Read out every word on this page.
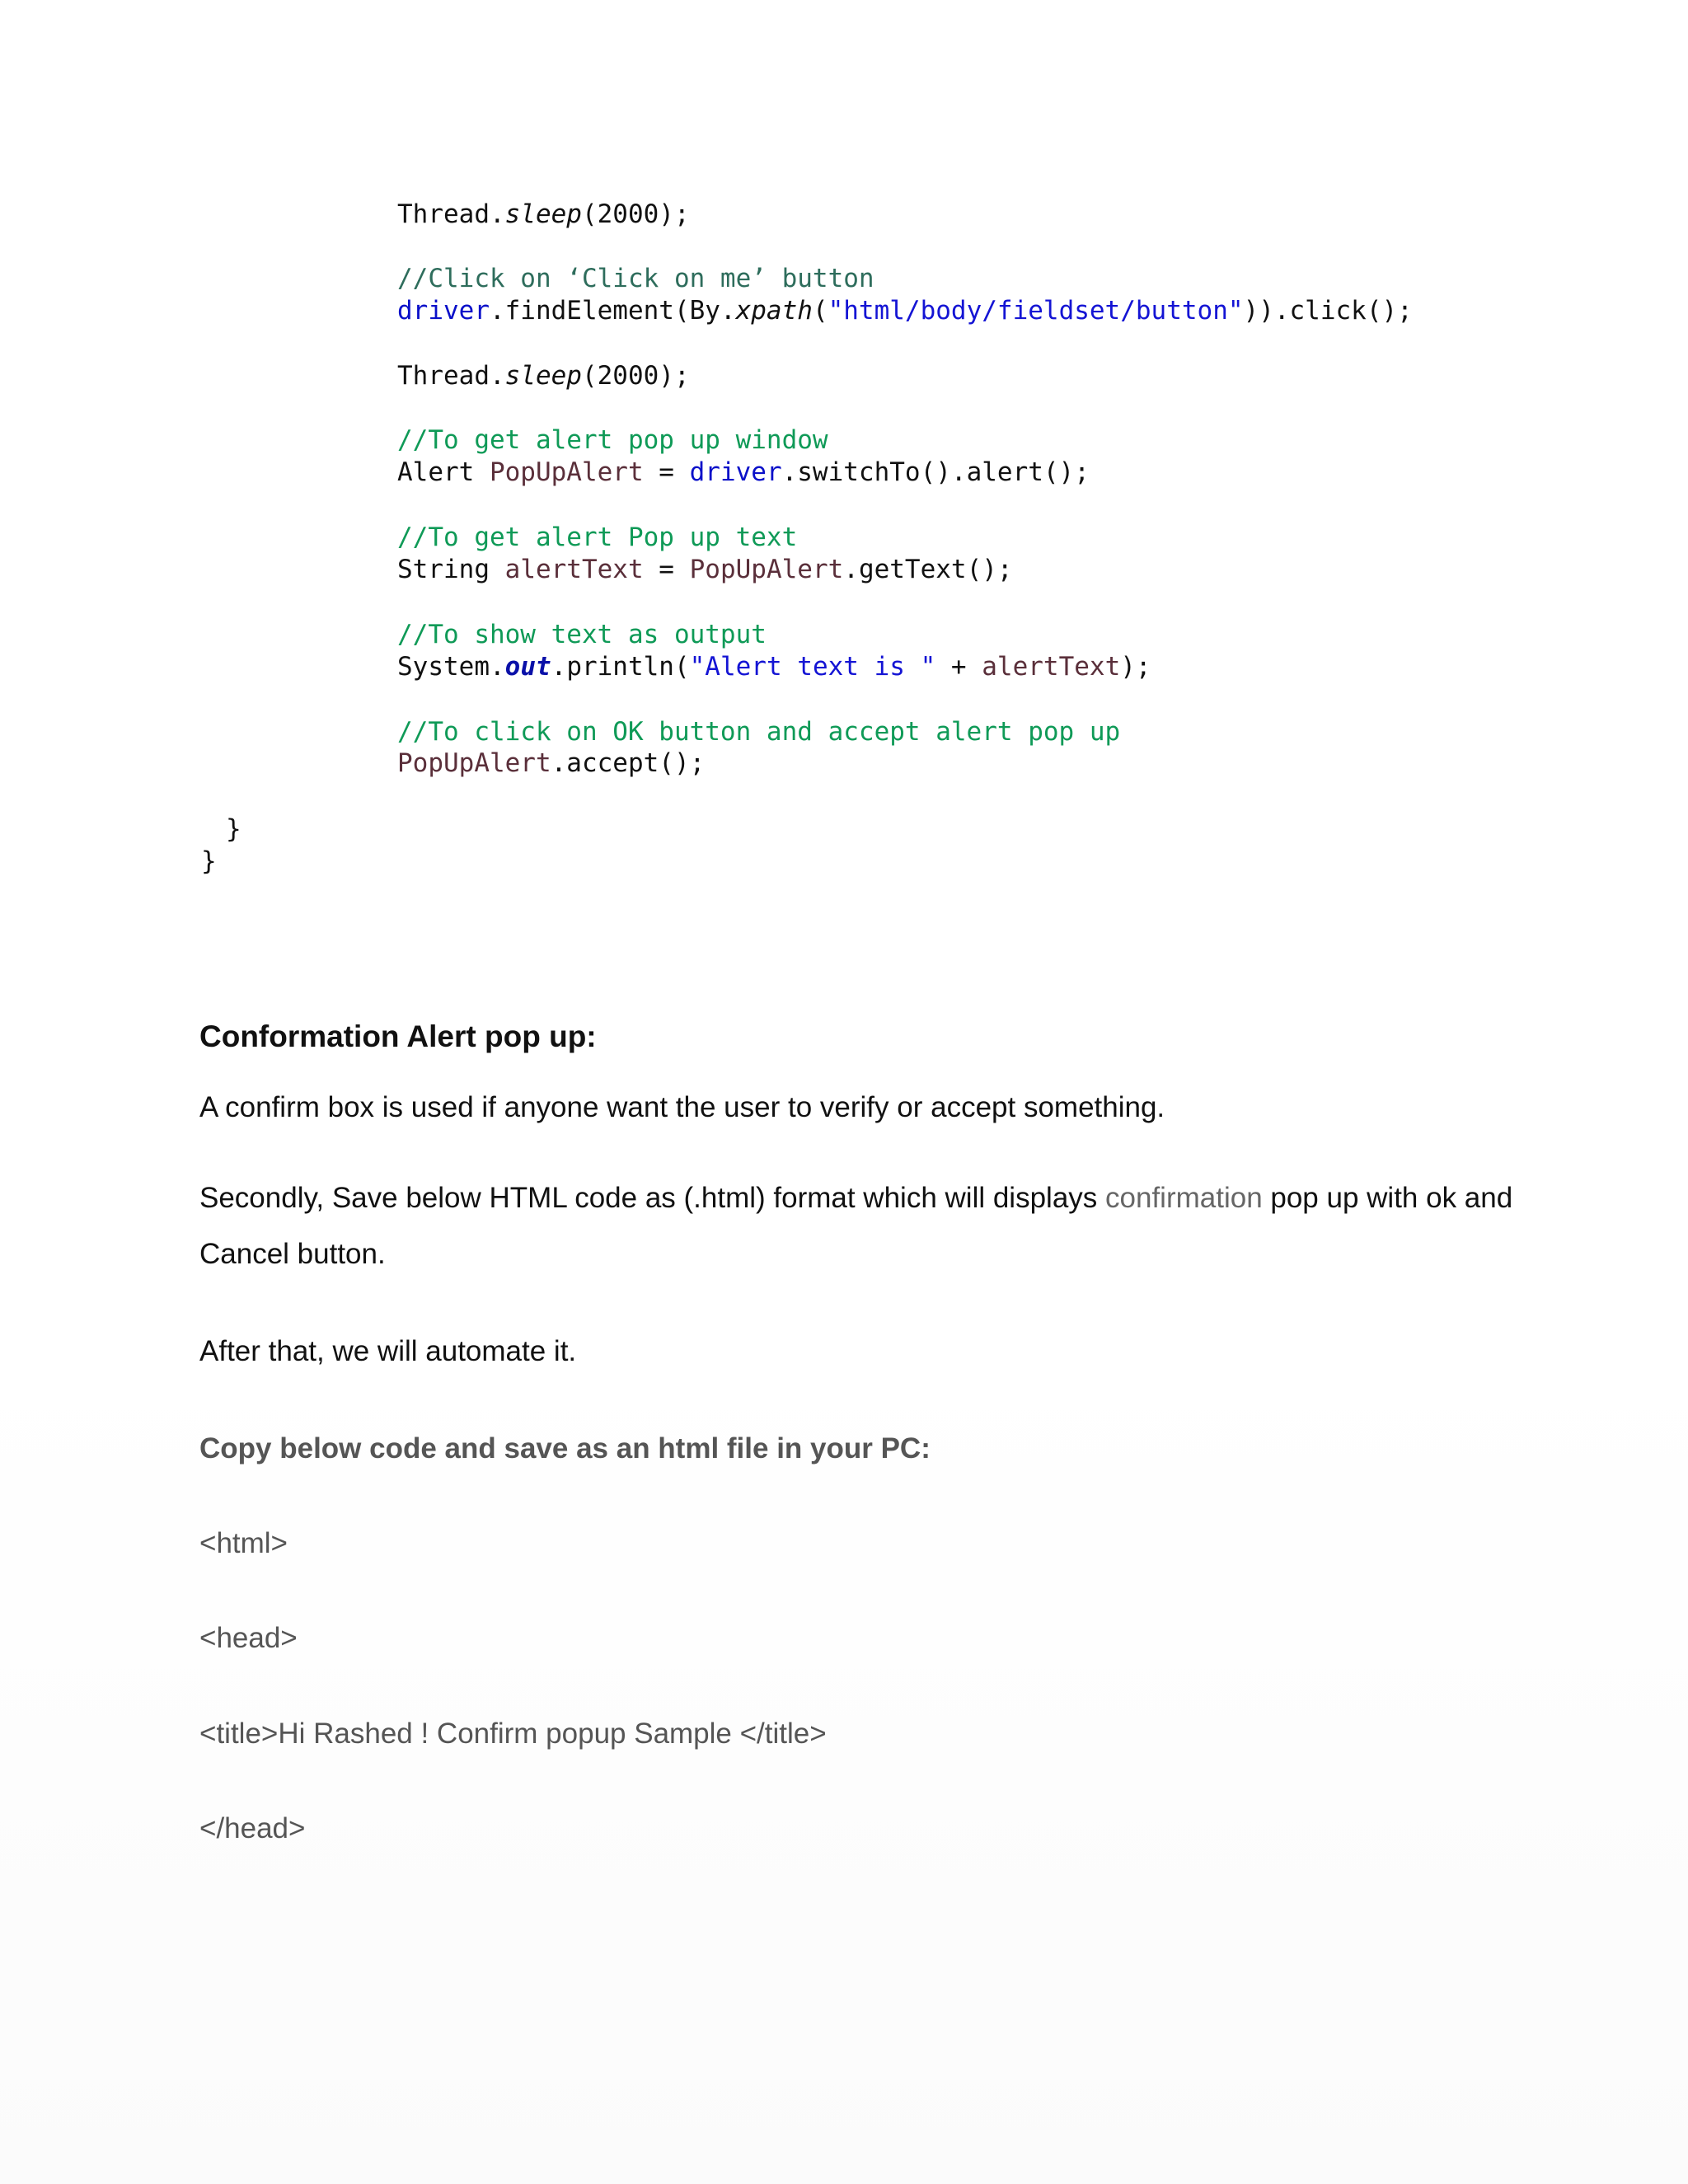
Thread.sleep(2000);
//Click on ‘Click on me’ button
driver.findElement(By.xpath("html/body/fieldset/button")).click();
Thread.sleep(2000);
//To get alert pop up window
Alert PopUpAlert = driver.switchTo().alert();
//To get alert Pop up text
String alertText = PopUpAlert.getText();
//To show text as output
System.out.println("Alert text is " + alertText);
//To click on OK button and accept alert pop up
PopUpAlert.accept();
}
}
Conformation Alert pop up:
A confirm box is used if anyone want the user to verify or accept something.
Secondly, Save below HTML code as (.html) format which will displays confirmation pop up with ok and
Cancel button.
After that, we will automate it.
Copy below code and save as an html file in your PC:
<html>
<head>
<title>Hi Rashed ! Confirm popup Sample </title>
</head>
